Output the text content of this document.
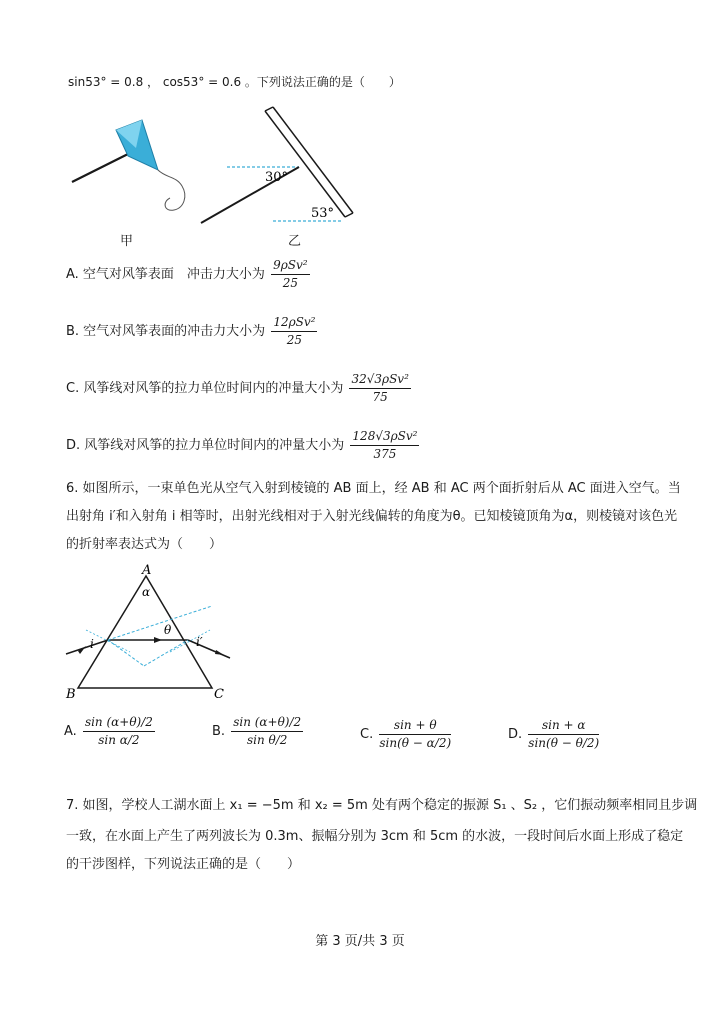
sin53° = 0.8 ， cos53° = 0.6 。下列说法正确的是（　　）
甲
30°
53°
乙
A. 空气对风筝表面　冲击力大小为 $\frac{\text{9ρSv²}}{25}$
B. 空气对风筝表面的冲击力大小为 $\frac{\text{12ρSv²}}{25}$
C. 风筝线对风筝的拉力单位时间内的冲量大小为 $\frac{\text{32√3ρSv²}}{75}$
D. 风筝线对风筝的拉力单位时间内的冲量大小为 $\frac{\text{128√3ρSv²}}{375}$
6. 如图所示，一束单色光从空气入射到棱镜的 AB 面上，经 AB 和 AC 两个面折射后从 AC 面进入空气。当
出射角 i′和入射角 i 相等时，出射光线相对于入射光线偏转的角度为θ。已知棱镜顶角为α，则棱镜对该色光
的折射率表达式为（　　）
A
α
θ
i	i′
B	C
A. $\frac{\sin (\alpha+\theta)/2}{\text{sin α/2}}$	B. $\frac{\sin (\alpha+\theta)/2}{\text{sin θ/2}}$	C. $\frac{\sin + \theta}{\sin(\theta - \alpha/2)}$	D. $\frac{\sin + \alpha}{\sin(\theta - \theta/2)}$
7. 如图，学校人工湖水面上 x₁ = −5m 和 x₂ = 5m 处有两个稳定的振源 S₁ 、S₂ ，它们振动频率相同且步调
一致，在水面上产生了两列波长为 0.3m、振幅分别为 3cm 和 5cm 的水波，一段时间后水面上形成了稳定
的干涉图样，下列说法正确的是（　　）
第 3 页/共 3 页
